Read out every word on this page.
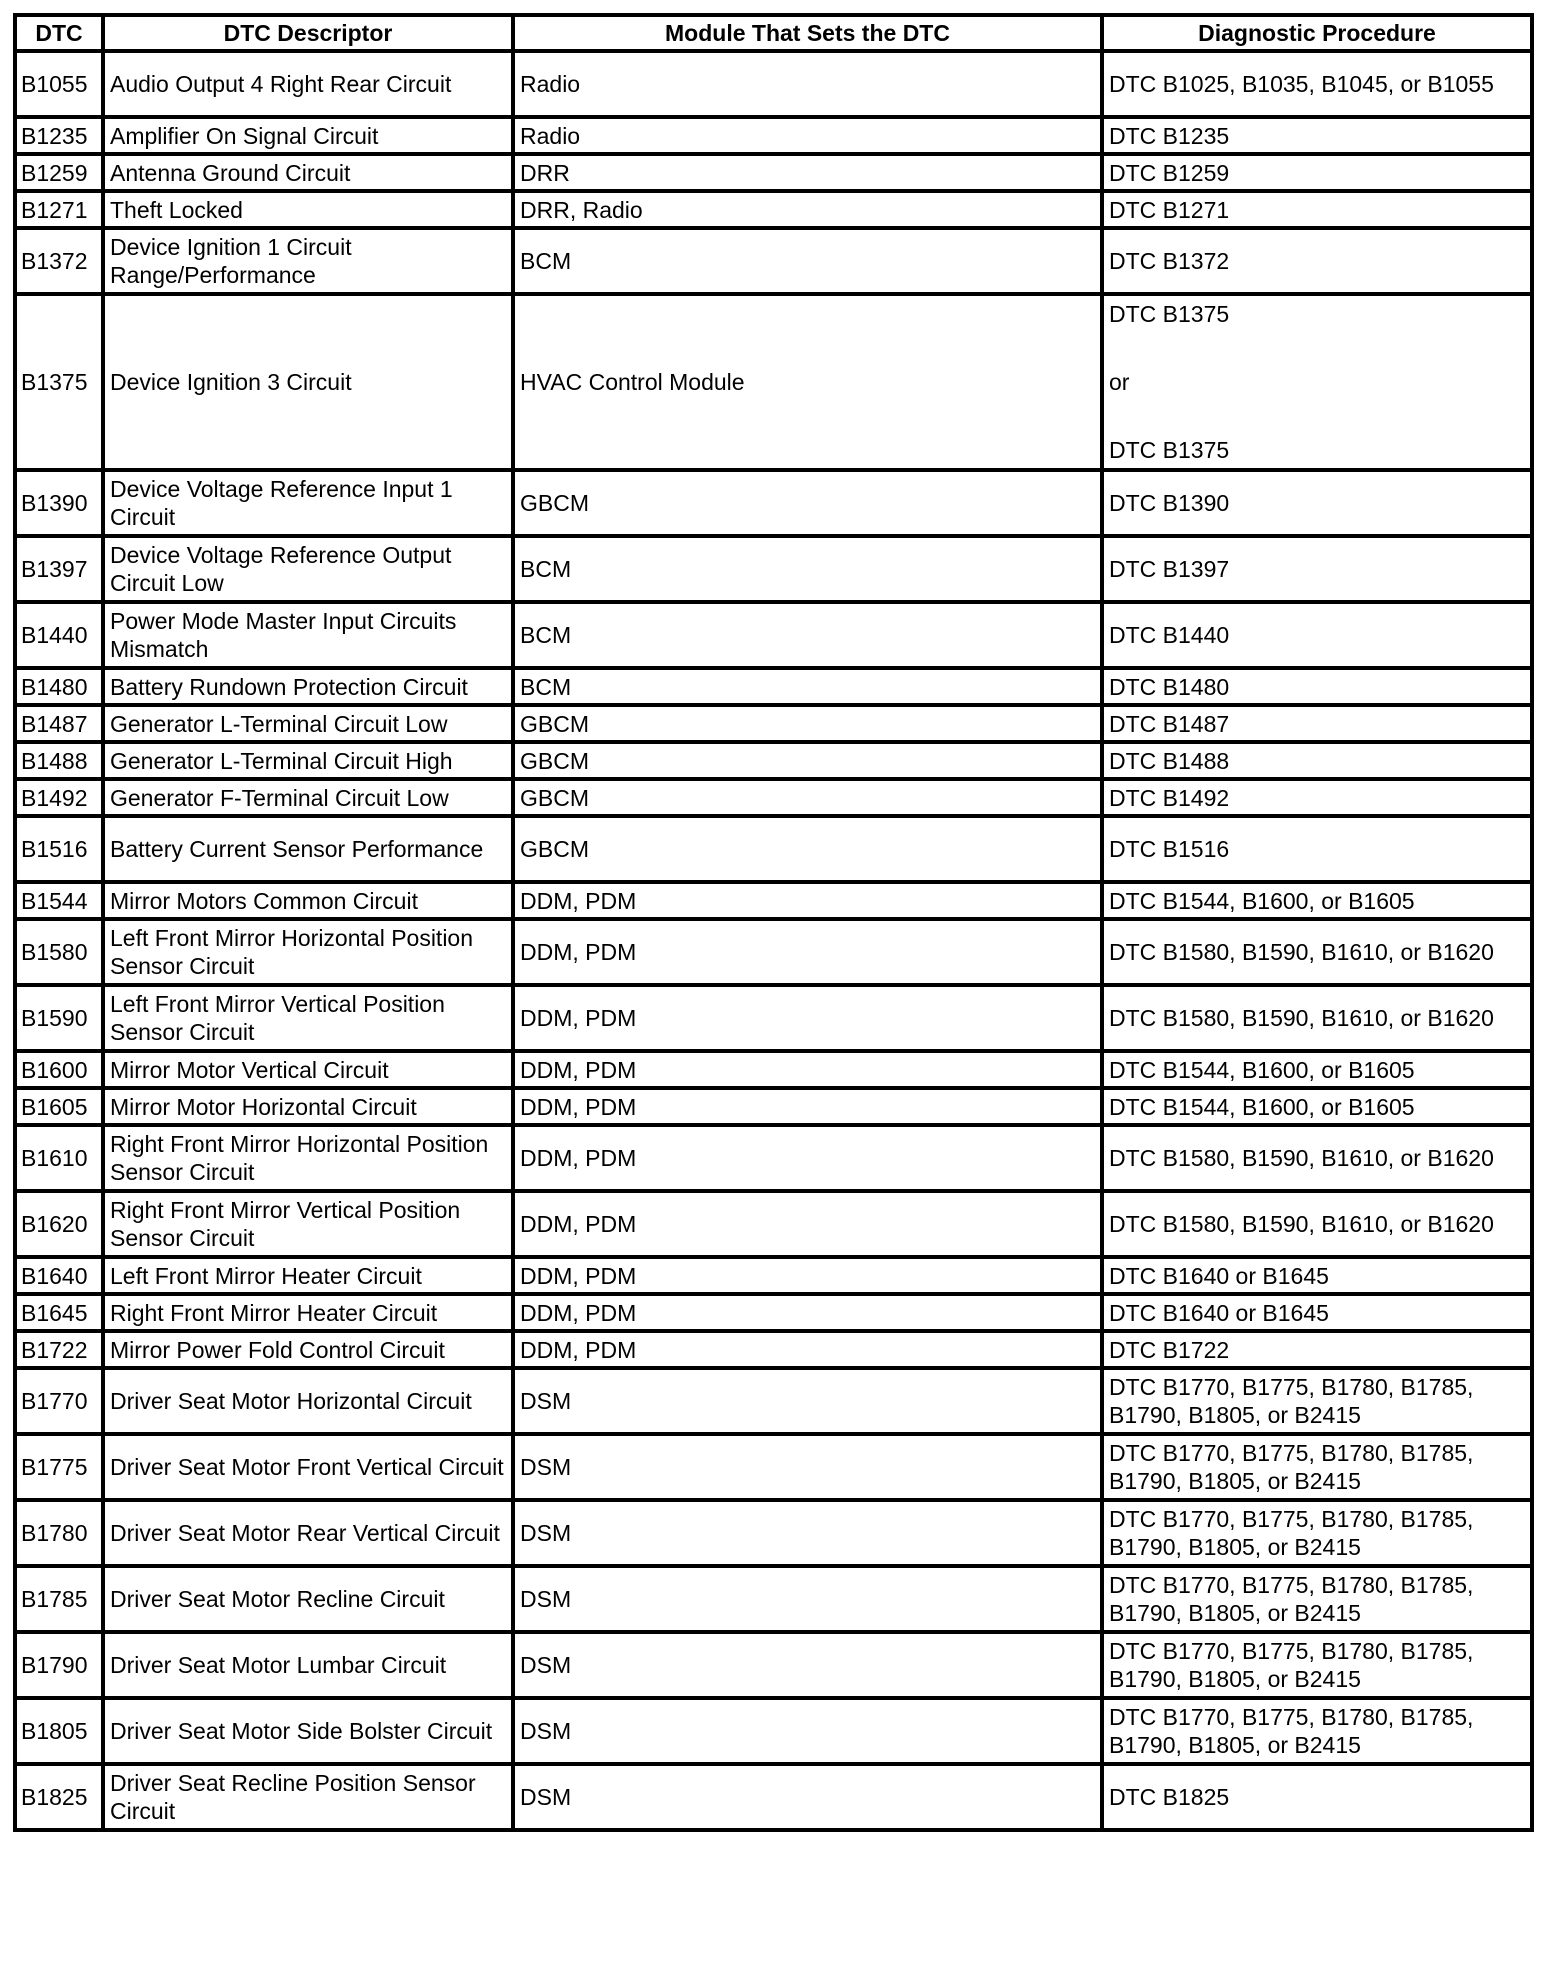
DTC	DTC Descriptor	Module That Sets the DTC	Diagnostic Procedure
B1055	Audio Output 4 Right Rear Circuit	Radio	DTC B1025, B1035, B1045, or B1055
B1235	Amplifier On Signal Circuit	Radio	DTC B1235
B1259	Antenna Ground Circuit	DRR	DTC B1259
B1271	Theft Locked	DRR, Radio	DTC B1271
B1372	Device Ignition 1 Circuit Range/Performance	BCM	DTC B1372
B1375	Device Ignition 3 Circuit	HVAC Control Module	DTC B1375
or
DTC B1375

B1390	Device Voltage Reference Input 1 Circuit	GBCM	DTC B1390
B1397	Device Voltage Reference Output Circuit Low	BCM	DTC B1397
B1440	Power Mode Master Input Circuits Mismatch	BCM	DTC B1440
B1480	Battery Rundown Protection Circuit	BCM	DTC B1480
B1487	Generator L-Terminal Circuit Low	GBCM	DTC B1487
B1488	Generator L-Terminal Circuit High	GBCM	DTC B1488
B1492	Generator F-Terminal Circuit Low	GBCM	DTC B1492
B1516	Battery Current Sensor Performance	GBCM	DTC B1516
B1544	Mirror Motors Common Circuit	DDM, PDM	DTC B1544, B1600, or B1605
B1580	Left Front Mirror Horizontal Position Sensor Circuit	DDM, PDM	DTC B1580, B1590, B1610, or B1620
B1590	Left Front Mirror Vertical Position Sensor Circuit	DDM, PDM	DTC B1580, B1590, B1610, or B1620
B1600	Mirror Motor Vertical Circuit	DDM, PDM	DTC B1544, B1600, or B1605
B1605	Mirror Motor Horizontal Circuit	DDM, PDM	DTC B1544, B1600, or B1605
B1610	Right Front Mirror Horizontal Position Sensor Circuit	DDM, PDM	DTC B1580, B1590, B1610, or B1620
B1620	Right Front Mirror Vertical Position Sensor Circuit	DDM, PDM	DTC B1580, B1590, B1610, or B1620
B1640	Left Front Mirror Heater Circuit	DDM, PDM	DTC B1640 or B1645
B1645	Right Front Mirror Heater Circuit	DDM, PDM	DTC B1640 or B1645
B1722	Mirror Power Fold Control Circuit	DDM, PDM	DTC B1722
B1770	Driver Seat Motor Horizontal Circuit	DSM	DTC B1770, B1775, B1780, B1785, B1790, B1805, or B2415
B1775	Driver Seat Motor Front Vertical Circuit	DSM	DTC B1770, B1775, B1780, B1785, B1790, B1805, or B2415
B1780	Driver Seat Motor Rear Vertical Circuit	DSM	DTC B1770, B1775, B1780, B1785, B1790, B1805, or B2415
B1785	Driver Seat Motor Recline Circuit	DSM	DTC B1770, B1775, B1780, B1785, B1790, B1805, or B2415
B1790	Driver Seat Motor Lumbar Circuit	DSM	DTC B1770, B1775, B1780, B1785, B1790, B1805, or B2415
B1805	Driver Seat Motor Side Bolster Circuit	DSM	DTC B1770, B1775, B1780, B1785, B1790, B1805, or B2415
B1825	Driver Seat Recline Position Sensor Circuit	DSM	DTC B1825
